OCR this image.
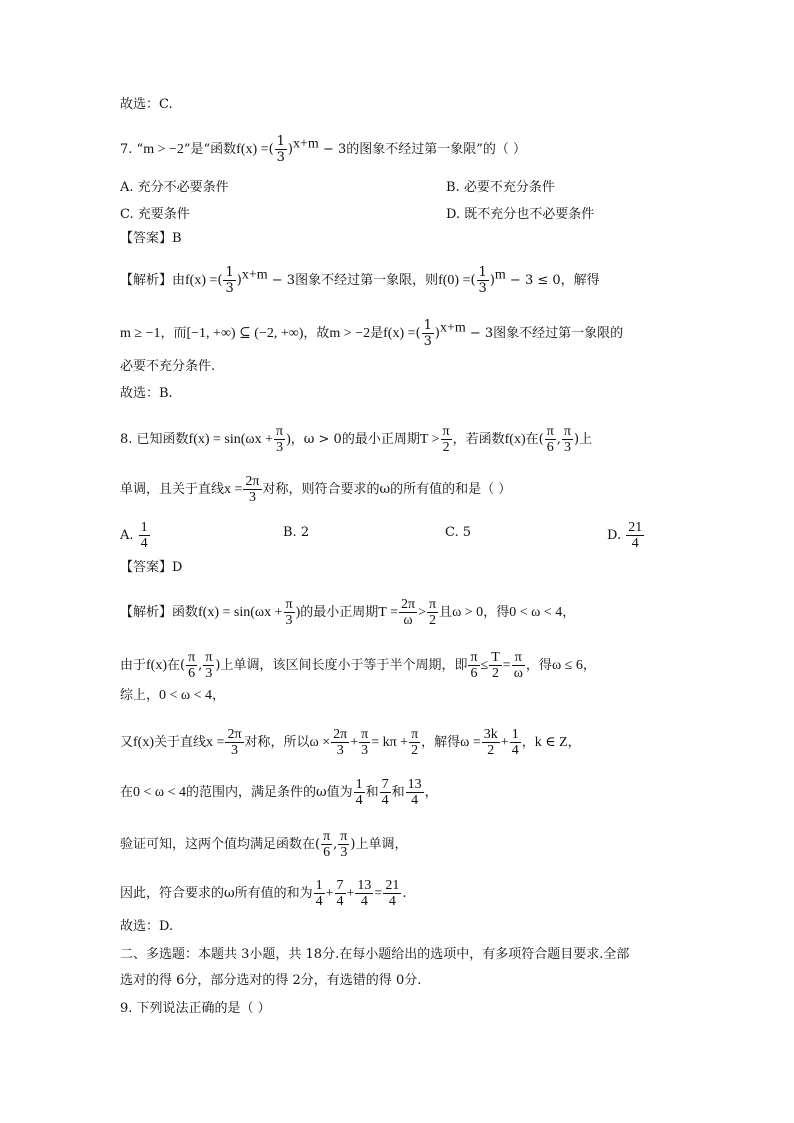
故选：C.
7. “m > −2”是“函数f(x) =( $\frac{1}{3} )^{x+m} - 3$的图象不经过第一象限”的（ ）
A. 充分不必要条件	B. 必要不充分条件
C. 充要条件	D. 既不充分也不必要条件
【答案】B
【解析】由f(x) =( $\frac{1}{3} )^{x+m} - 3$图象不经过第一象限，则f(0) =( $\frac{1}{3} )^m - 3 \le 0$，解得
m ≥ −1，而[−1, +∞) ⊆ (−2, +∞)，故m > −2是f(x) =( $\frac{1}{3} )^{x+m} - 3$图象不经过第一象限的
必要不充分条件.
故选：B.
8. 已知函数$f(x) = \sin(\omega x + \frac{\pi}{3}$ )，ω > 0的最小正周期$T > \frac{\pi}{2}$ ，若函数f(x)在( $\frac{\pi}{6}$ , $\frac{\pi}{3}$ )上
单调，且关于直线$x = \frac{2\pi}{3}$ 对称，则符合要求的ω的所有值的和是（ ）
A. $\frac{1}{4}$	B. 2	C. 5	D. $\frac{21}{4}$
【答案】D
【解析】函数$f(x) = \sin(\omega x + \frac{\pi}{3}$ )的最小正周期$T = \frac{2\pi}{\omega} > \frac{\pi}{2}$ 且ω > 0，得0 < ω < 4，
由于f(x)在( $\frac{\pi}{6}$ , $\frac{\pi}{3}$ )上单调，该区间长度小于等于半个周期，即 $\frac{\pi}{6} \le \frac{T}{2} = \frac{\pi}{\omega}$ ，得ω ≤ 6，
综上，0 < ω < 4，
又f(x)关于直线$x = \frac{2\pi}{3}$ 对称，所以$\omega \times \frac{2\pi}{3} + \frac{\pi}{3} = k\pi + \frac{\pi}{2}$ ，解得$\omega = \frac{3k}{2} + \frac{1}{4}$ ，k ∈ Z，
在0 < ω < 4的范围内，满足条件的ω值为 $\frac{1}{4}$ 和 $\frac{7}{4}$ 和 $\frac{13}{4}$ ，
验证可知，这两个值均满足函数在( $\frac{\pi}{6}$ , $\frac{\pi}{3}$ )上单调，
因此，符合要求的ω所有值的和为 $\frac{1}{4} + \frac{7}{4} + \frac{13}{4} = \frac{21}{4}$ .
故选：D.
二、多选题：本题共 3小题，共 18分.在每小题给出的选项中，有多项符合题目要求.全部
选对的得 6分，部分选对的得 2分，有选错的得 0分.
9. 下列说法正确的是（ ）
